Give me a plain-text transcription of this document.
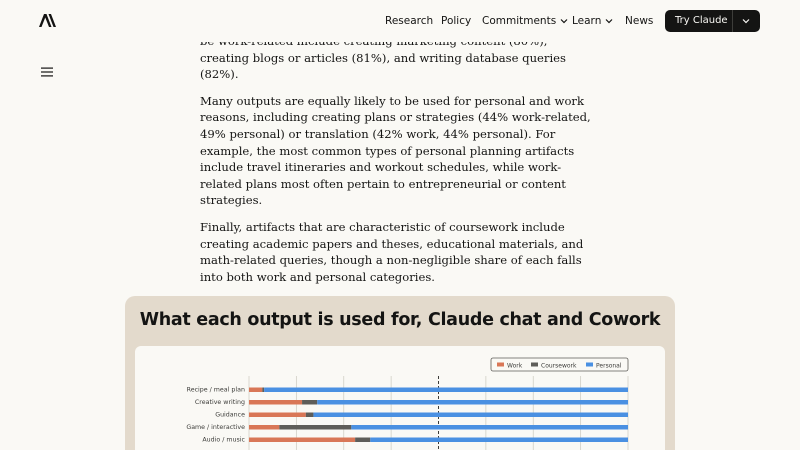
Research Policy Commitments	Learn	News Try Claude

creating blogs or articles (81%), and writing database queries (82%).

Many outputs are equally likely to be used for personal and work reasons, including creating plans or strategies (44% work-related, 49% personal) or translation (42% work, 44% personal). For example, the most common types of personal planning artifacts include travel itineraries and workout schedules, while work-related plans most often pertain to entrepreneurial or content strategies.

Finally, artifacts that are characteristic of coursework include creating academic papers and theses, educational materials, and math-related queries, though a non-negligible share of each falls into both work and personal categories.

What each output is used for, Claude chat and Cowork
Work	Coursework	Personal
Recipe / meal plan
Creative writing
Guidance
Game / interactive
Audio / music
